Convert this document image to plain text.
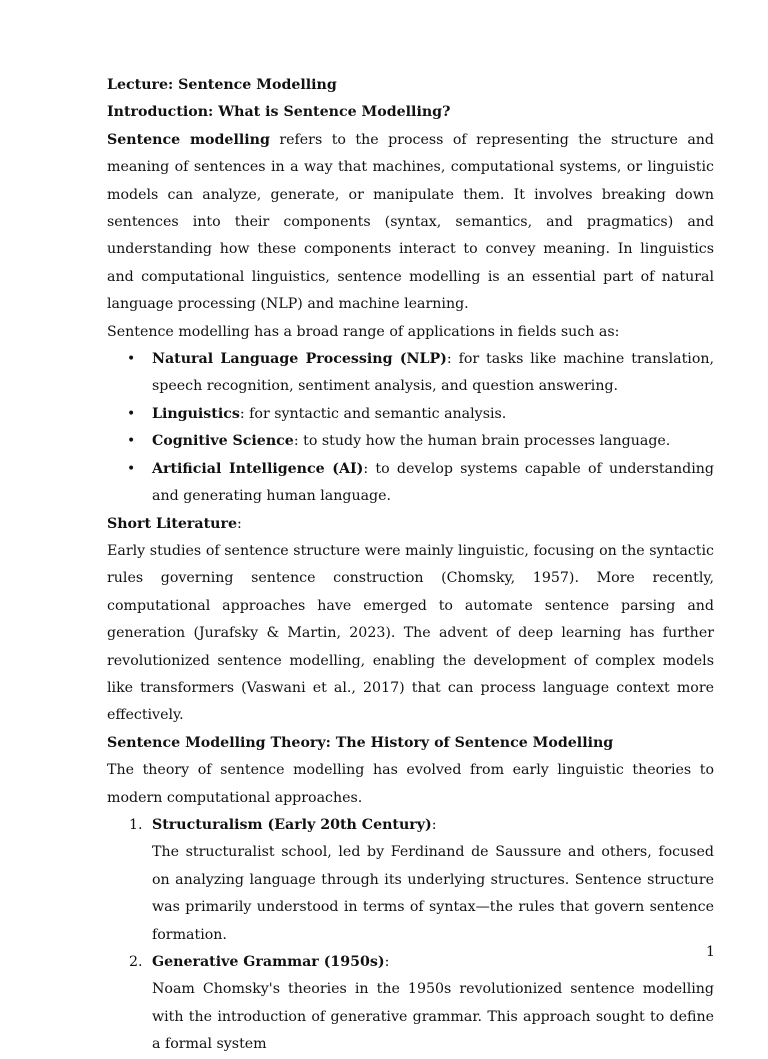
Lecture: Sentence Modelling

Introduction: What is Sentence Modelling?

Sentence modelling refers to the process of representing the structure and meaning of sentences in a way that machines, computational systems, or linguistic models can analyze, generate, or manipulate them. It involves breaking down sentences into their components (syntax, semantics, and pragmatics) and understanding how these components interact to convey meaning. In linguistics and computational linguistics, sentence modelling is an essential part of natural language processing (NLP) and machine learning.

Sentence modelling has a broad range of applications in fields such as:

• Natural Language Processing (NLP): for tasks like machine translation, speech recognition, sentiment analysis, and question answering.
• Linguistics: for syntactic and semantic analysis.
• Cognitive Science: to study how the human brain processes language.
• Artificial Intelligence (AI): to develop systems capable of understanding and generating human language.

Short Literature:

Early studies of sentence structure were mainly linguistic, focusing on the syntactic rules governing sentence construction (Chomsky, 1957). More recently, computational approaches have emerged to automate sentence parsing and generation (Jurafsky & Martin, 2023). The advent of deep learning has further revolutionized sentence modelling, enabling the development of complex models like transformers (Vaswani et al., 2017) that can process language context more effectively.

Sentence Modelling Theory: The History of Sentence Modelling

The theory of sentence modelling has evolved from early linguistic theories to modern computational approaches.

1. Structuralism (Early 20th Century):

The structuralist school, led by Ferdinand de Saussure and others, focused on analyzing language through its underlying structures. Sentence structure was primarily understood in terms of syntax—the rules that govern sentence formation.

2. Generative Grammar (1950s):

Noam Chomsky's theories in the 1950s revolutionized sentence modelling with the introduction of generative grammar. This approach sought to define a formal system

1
